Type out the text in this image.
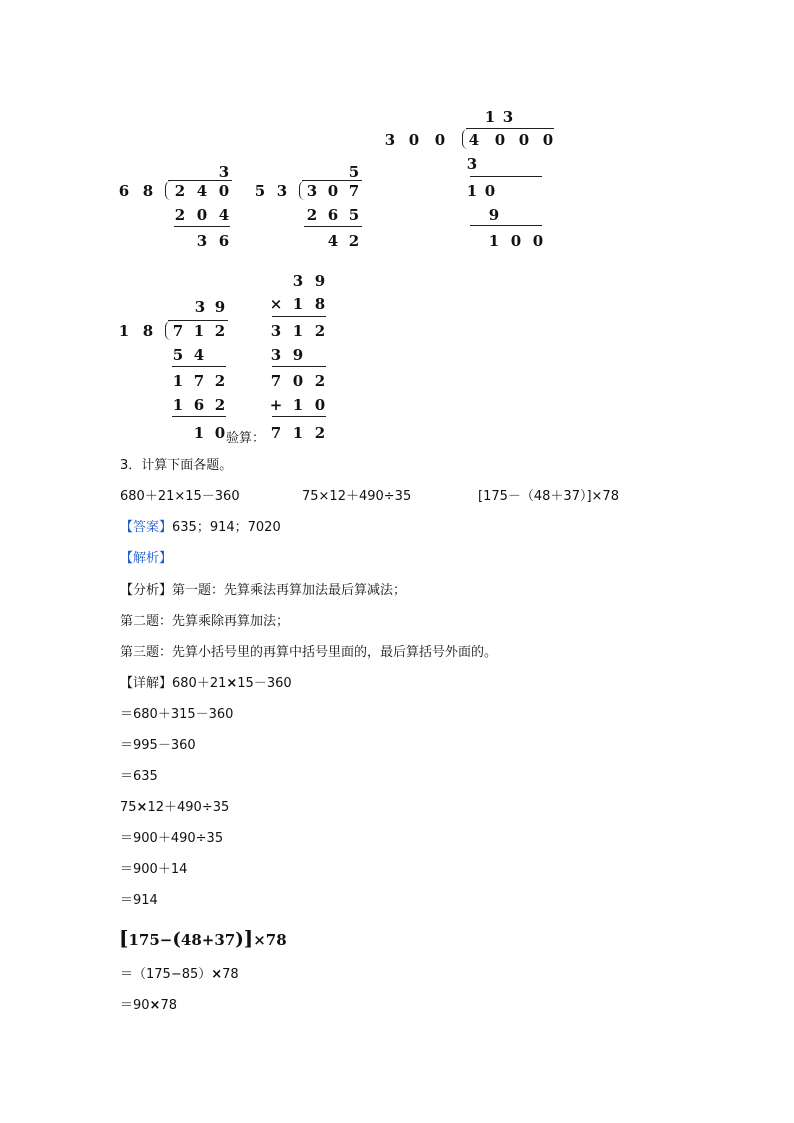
6 8
3
2 4 0
2 0 4
3 6
5 3
5
3 0 7
2 6 5
4 2
1 3
3 0 0 4 0 0 0
3
1 0
9
1 0 0
1 8
3 9
7 1 2
5 4
1 7 2
1 6 2
1 0 验算：
3 9
× 1 8
3 1 2
3 9
7 0 2
+ 1 0
7 1 2
3．计算下面各题。
680＋21×15－360	75×12＋490÷35	[175－（48＋37）]×78
【答案】635；914；7020
【解析】
【分析】第一题：先算乘法再算加法最后算减法；
第二题：先算乘除再算加法；
第三题：先算小括号里的再算中括号里面的，最后算括号外面的。
【详解】680＋21×15－360
＝680＋315－360
＝995－360
＝635
75×12＋490÷35
＝900＋490÷35
＝900＋14
＝914
[175−(48+37)]×78
＝（175−85）×78
＝90×78
